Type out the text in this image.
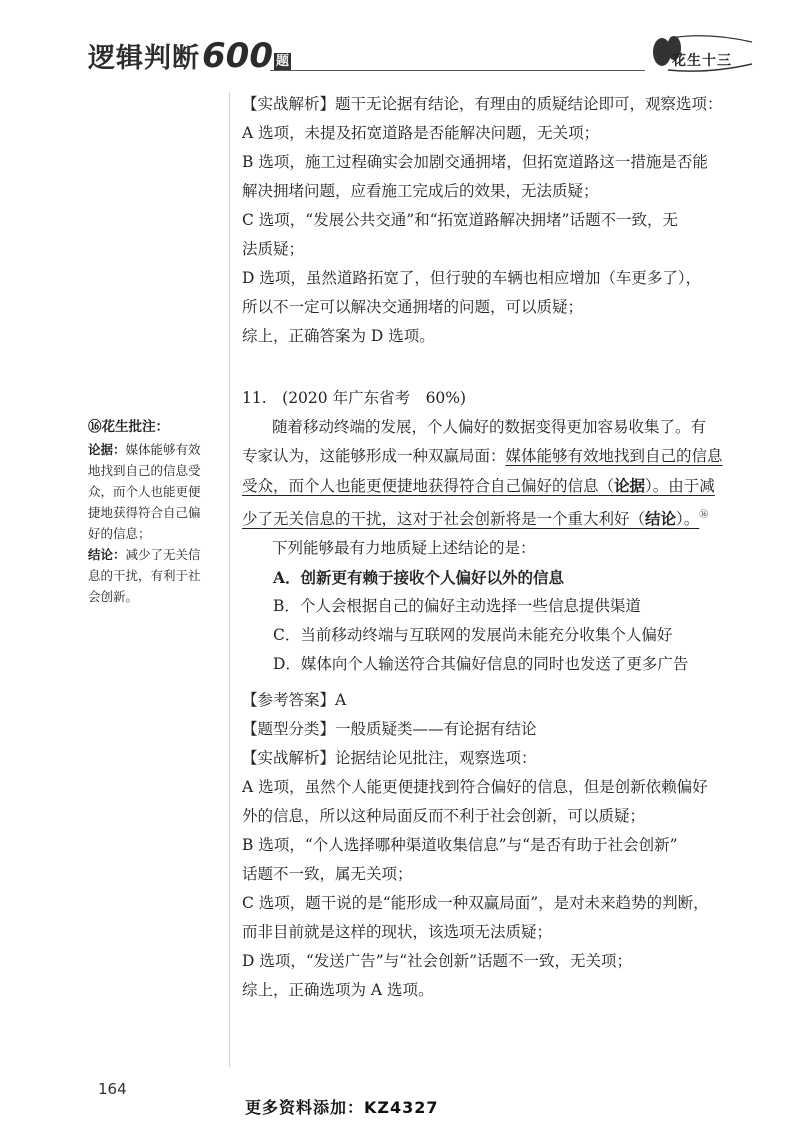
逻辑判断600 题	花生十三
【实战解析】题干无论据有结论，有理由的质疑结论即可，观察选项：
A 选项，未提及拓宽道路是否能解决问题，无关项；
B 选项，施工过程确实会加剧交通拥堵，但拓宽道路这一措施是否能
解决拥堵问题，应看施工完成后的效果，无法质疑；
C 选项，“发展公共交通”和“拓宽道路解决拥堵”话题不一致，无
法质疑；
D 选项，虽然道路拓宽了，但行驶的车辆也相应增加（车更多了），
所以不一定可以解决交通拥堵的问题，可以质疑；
综上，正确答案为 D 选项。
11.　(2020 年广东省考　60%)
随着移动终端的发展，个人偏好的数据变得更加容易收集了。有
专家认为，这能够形成一种双赢局面：媒体能够有效地找到自己的信息
受众，而个人也能更便捷地获得符合自己偏好的信息（论据）。由于减
少了无关信息的干扰，这对于社会创新将是一个重大利好（结论）。⑯
下列能够最有力地质疑上述结论的是：
A．创新更有赖于接收个人偏好以外的信息
B．个人会根据自己的偏好主动选择一些信息提供渠道
C．当前移动终端与互联网的发展尚未能充分收集个人偏好
D．媒体向个人输送符合其偏好信息的同时也发送了更多广告
【参考答案】A
【题型分类】一般质疑类——有论据有结论
【实战解析】论据结论见批注，观察选项：
A 选项，虽然个人能更便捷找到符合偏好的信息，但是创新依赖偏好
外的信息，所以这种局面反而不利于社会创新，可以质疑；
B 选项，“个人选择哪种渠道收集信息”与“是否有助于社会创新”
话题不一致，属无关项；
C 选项，题干说的是“能形成一种双赢局面”，是对未来趋势的判断，
而非目前就是这样的现状，该选项无法质疑；
D 选项，“发送广告”与“社会创新”话题不一致，无关项；
综上，正确选项为 A 选项。
⑯花生批注：
论据：媒体能够有效
地找到自己的信息受
众，而个人也能更便
捷地获得符合自己偏
好的信息；
结论：减少了无关信
息的干扰，有利于社
会创新。
164
更多资料添加：KZ4327
